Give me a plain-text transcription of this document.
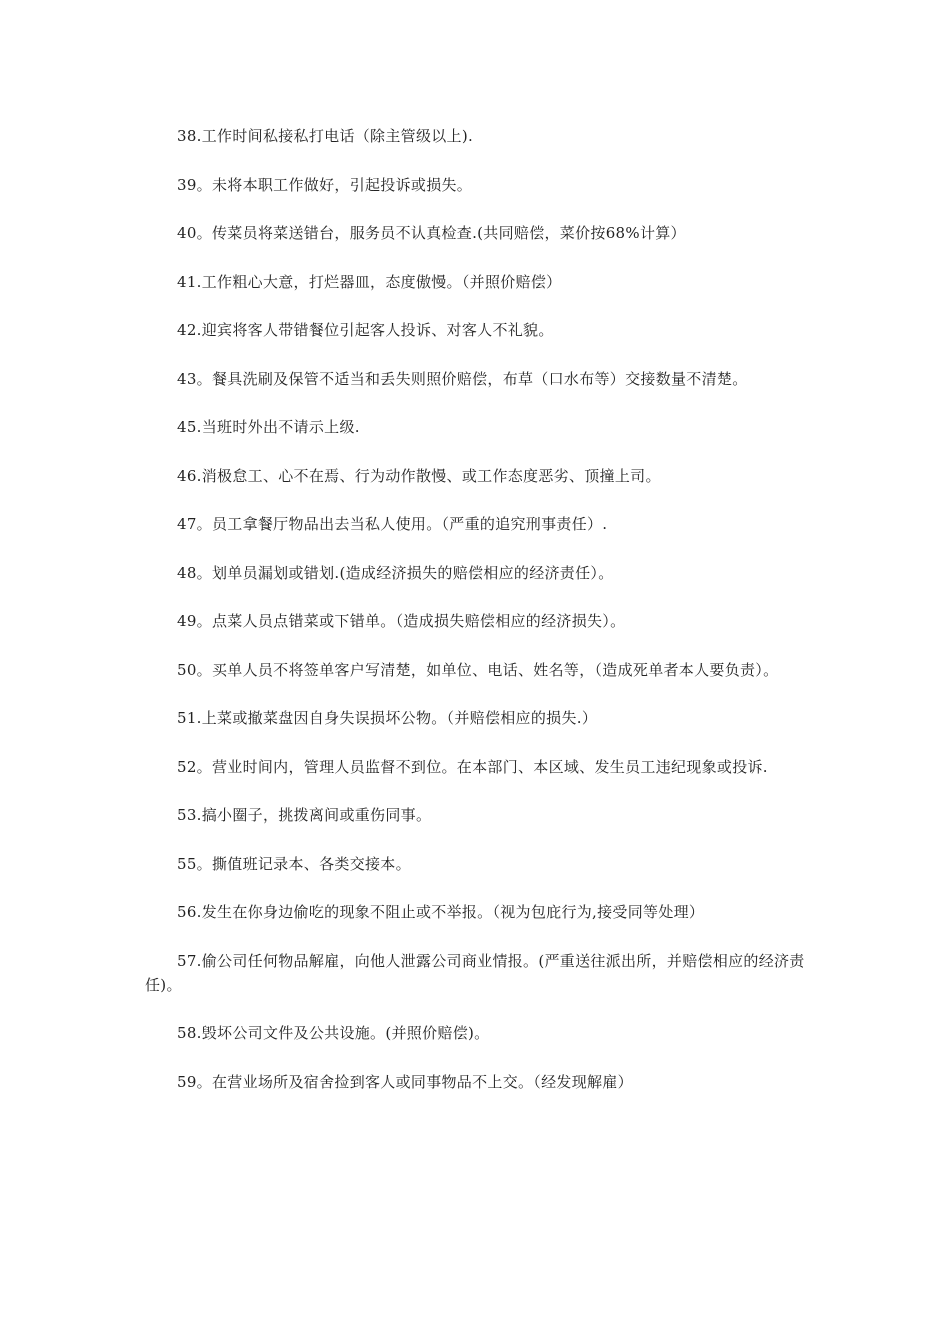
38.工作时间私接私打电话（除主管级以上).

39。未将本职工作做好，引起投诉或损失。

40。传菜员将菜送错台，服务员不认真检查.(共同赔偿，菜价按68%计算）

41.工作粗心大意，打烂器皿，态度傲慢。（并照价赔偿）

42.迎宾将客人带错餐位引起客人投诉、对客人不礼貌。

43。餐具洗刷及保管不适当和丢失则照价赔偿，布草（口水布等）交接数量不清楚。

45.当班时外出不请示上级.

46.消极怠工、心不在焉、行为动作散慢、或工作态度恶劣、顶撞上司。

47。员工拿餐厅物品出去当私人使用。（严重的追究刑事责任）.

48。划单员漏划或错划.(造成经济损失的赔偿相应的经济责任）。

49。点菜人员点错菜或下错单。（造成损失赔偿相应的经济损失）。

50。买单人员不将签单客户写清楚，如单位、电话、姓名等，（造成死单者本人要负责）。

51.上菜或撤菜盘因自身失误损坏公物。（并赔偿相应的损失.）

52。营业时间内，管理人员监督不到位。在本部门、本区域、发生员工违纪现象或投诉.

53.搞小圈子，挑拨离间或重伤同事。

55。撕值班记录本、各类交接本。

56.发生在你身边偷吃的现象不阻止或不举报。（视为包庇行为,接受同等处理）

57.偷公司任何物品解雇，向他人泄露公司商业情报。(严重送往派出所，并赔偿相应的经济责任)。

58.毁坏公司文件及公共设施。(并照价赔偿)。

59。在营业场所及宿舍捡到客人或同事物品不上交。（经发现解雇）
